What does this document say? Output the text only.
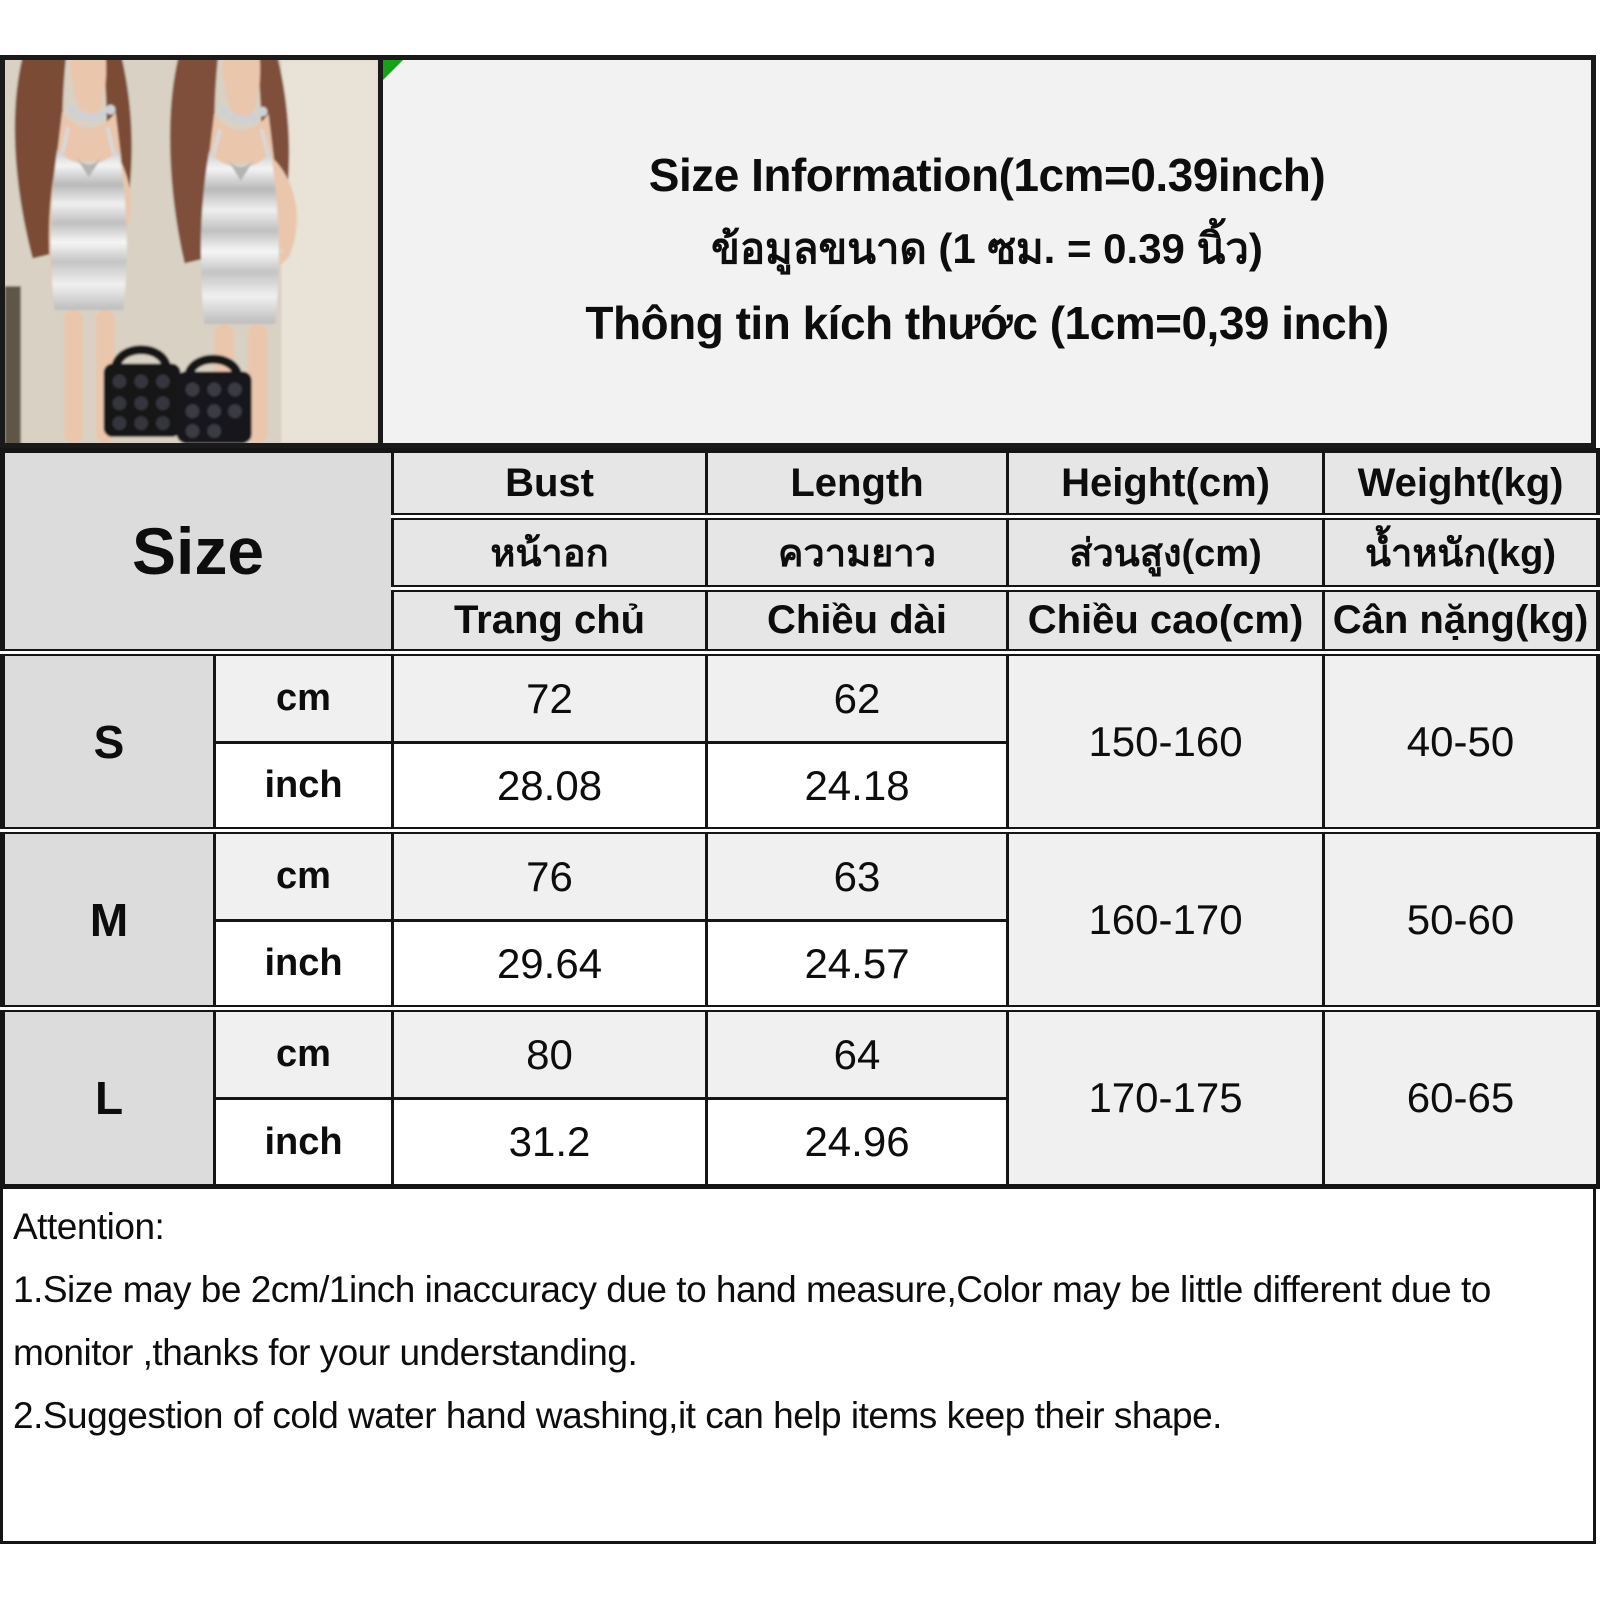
Size Information(1cm=0.39inch)
ข้อมูลขนาด (1 ซม. = 0.39 นิ้ว)
Thông tin kích thước (1cm=0,39 inch)
Size		Bust	Length	Height(cm)	Weight(kg)
		หน้าอก	ความยาว	ส่วนสูง(cm)	น้ำหนัก(kg)
		Trang chủ	Chiều dài	Chiều cao(cm)	Cân nặng(kg)
S	cm	72	62	150-160	40-50
	inch	28.08	24.18		
M	cm	76	63	160-170	50-60
	inch	29.64	24.57		
L	cm	80	64	170-175	60-65
	inch	31.2	24.96		
Attention:
1.Size may be 2cm/1inch inaccuracy due to hand measure,Color may be little different due to monitor ,thanks for your understanding.
2.Suggestion of cold water hand washing,it can help items keep their shape.
